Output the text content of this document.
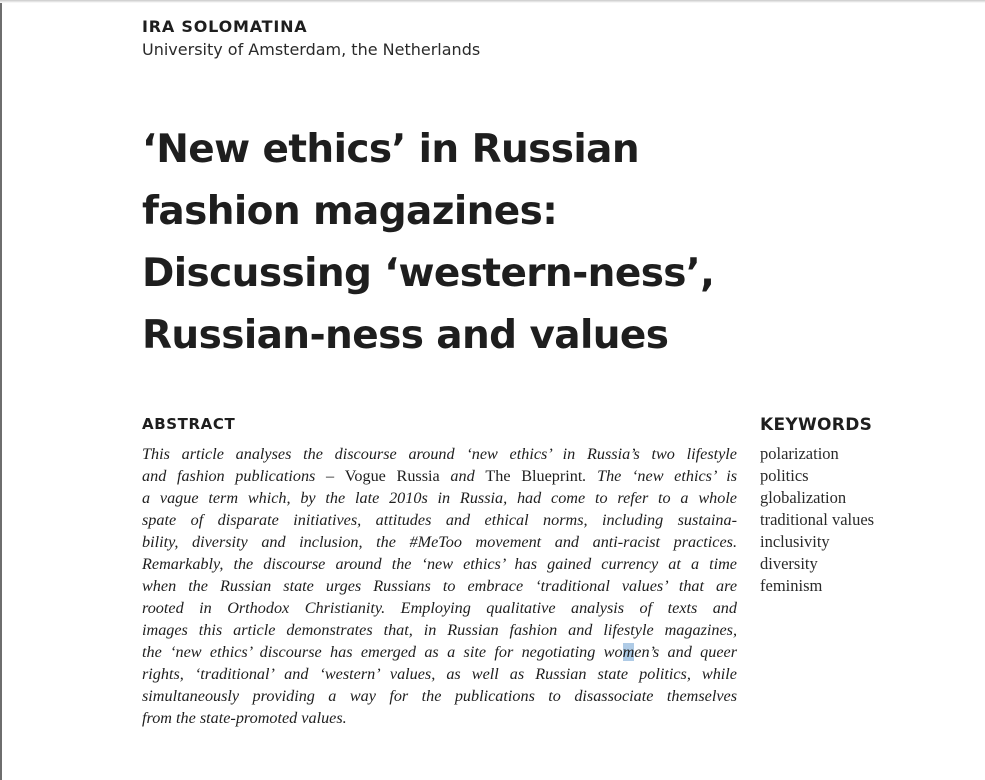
IRA SOLOMATINA
University of Amsterdam, the Netherlands
‘New ethics’ in Russian
fashion magazines:
Discussing ‘western-ness’,
Russian-ness and values
ABSTRACT
This article analyses the discourse around ‘new ethics’ in Russia’s two lifestyle
and fashion publications – Vogue Russia and The Blueprint. The ‘new ethics’ is
a vague term which, by the late 2010s in Russia, had come to refer to a whole
spate of disparate initiatives, attitudes and ethical norms, including sustaina-
bility, diversity and inclusion, the #MeToo movement and anti-racist practices.
Remarkably, the discourse around the ‘new ethics’ has gained currency at a time
when the Russian state urges Russians to embrace ‘traditional values’ that are
rooted in Orthodox Christianity. Employing qualitative analysis of texts and
images this article demonstrates that, in Russian fashion and lifestyle magazines,
the ‘new ethics’ discourse has emerged as a site for negotiating women’s and queer
rights, ‘traditional’ and ‘western’ values, as well as Russian state politics, while
simultaneously providing a way for the publications to disassociate themselves
from the state-promoted values.
KEYWORDS
polarization
politics
globalization
traditional values
inclusivity
diversity
feminism
